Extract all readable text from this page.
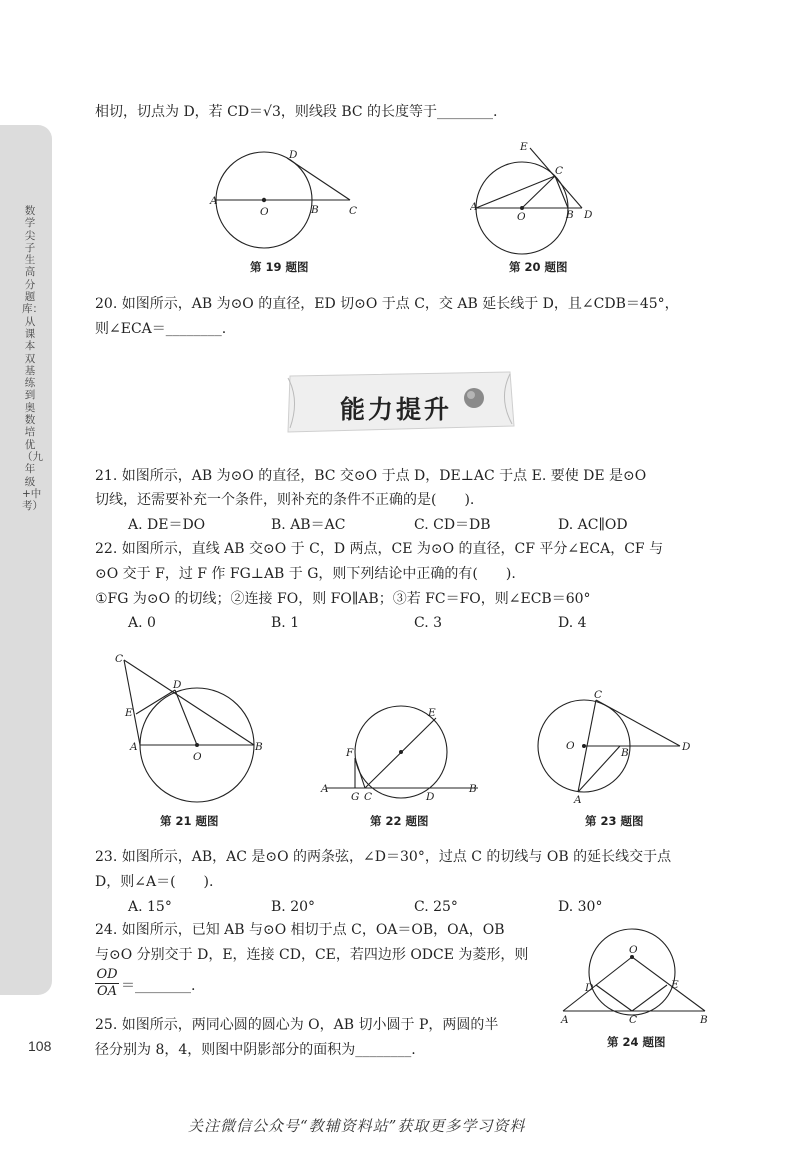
数学尖子生高分题库：从课本双基练到奥数培优（九年级+中考）
108
相切，切点为 D，若 CD＝√3，则线段 BC 的长度等于________.
D
A
O	B	C
第 19 题图
E
C
A
O	B D
第 20 题图
20. 如图所示，AB 为⊙O 的直径，ED 切⊙O 于点 C，交 AB 延长线于 D，且∠CDB＝45°，
则∠ECA＝________.
能力提升
21. 如图所示，AB 为⊙O 的直径，BC 交⊙O 于点 D，DE⊥AC 于点 E. 要使 DE 是⊙O
切线，还需要补充一个条件，则补充的条件不正确的是(　　).
A. DE＝DO	B. AB＝AC	C. CD＝DB	D. AC∥OD
22. 如图所示，直线 AB 交⊙O 于 C，D 两点，CE 为⊙O 的直径，CF 平分∠ECA，CF 与
⊙O 交于 F，过 F 作 FG⊥AB 于 G，则下列结论中正确的有(　　).
①FG 为⊙O 的切线；②连接 FO，则 FO∥AB；③若 FC＝FO，则∠ECB＝60°
A. 0	B. 1	C. 3	D. 4
C
D
E
A
O
B
第 21 题图
E
F
A
G C	D
B
第 22 题图
C
O
B	D
A
第 23 题图
23. 如图所示，AB，AC 是⊙O 的两条弦，∠D＝30°，过点 C 的切线与 OB 的延长线交于点
D，则∠A＝(　　).
A. 15°	B. 20°	C. 25°	D. 30°
24. 如图所示，已知 AB 与⊙O 相切于点 C，OA＝OB，OA，OB
与⊙O 分别交于 D，E，连接 CD，CE，若四边形 ODCE 为菱形，则
OD
OA ＝________.
O
D	E
A	C	B
第 24 题图
25. 如图所示，两同心圆的圆心为 O，AB 切小圆于 P，两圆的半
径分别为 8，4，则图中阴影部分的面积为________.
关注微信公众号“教辅资料站”获取更多学习资料
